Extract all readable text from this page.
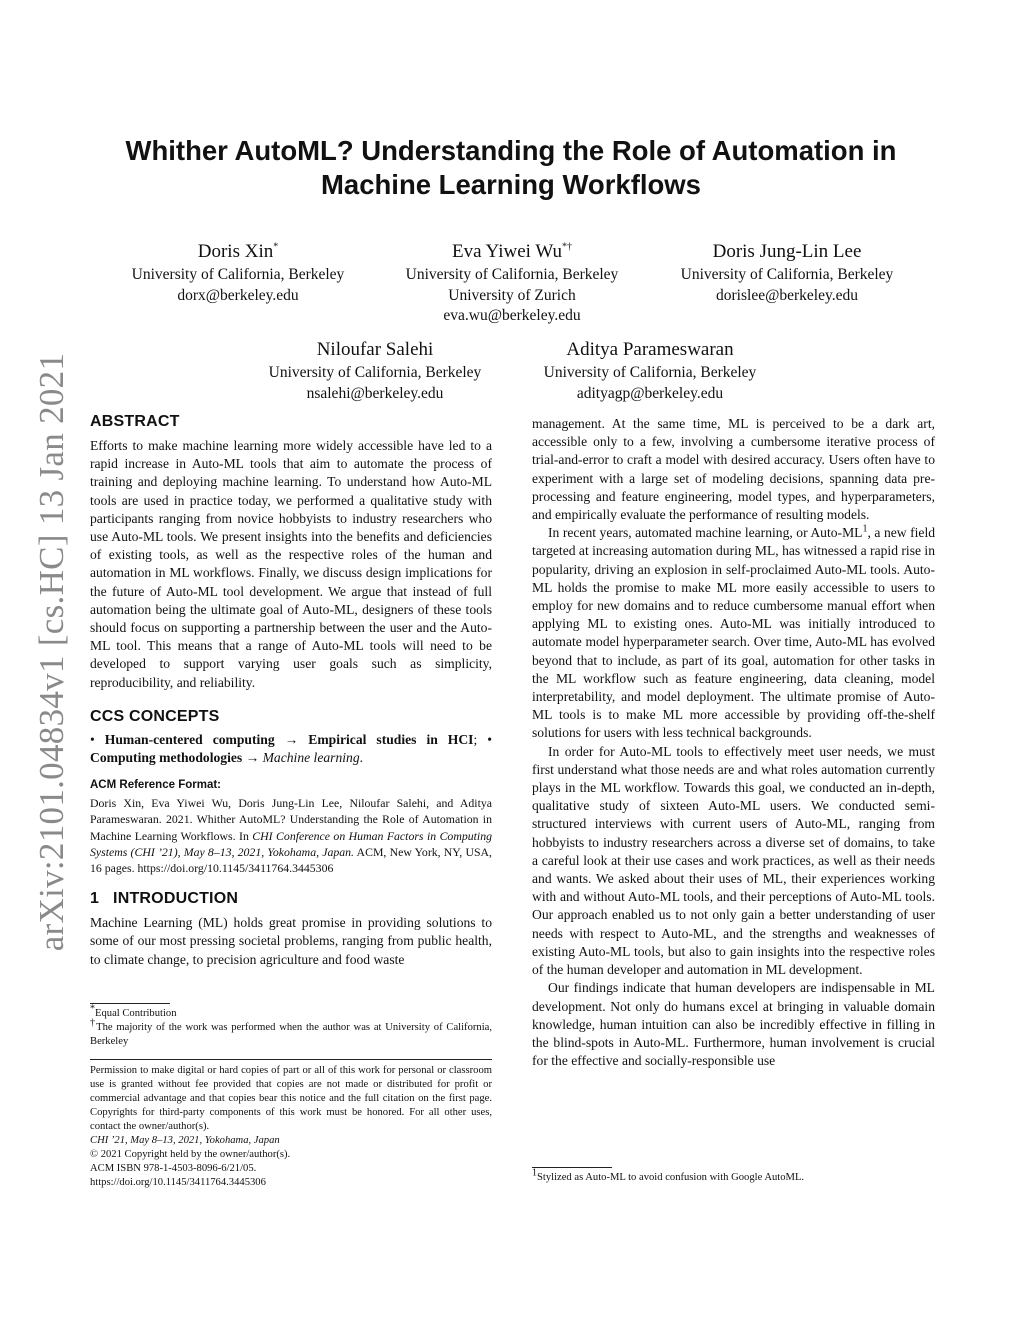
arXiv:2101.04834v1 [cs.HC] 13 Jan 2021
Whither AutoML? Understanding the Role of Automation in
Machine Learning Workflows
Doris Xin*
University of California, Berkeley
dorx@berkeley.edu
Eva Yiwei Wu*†
University of California, Berkeley
University of Zurich
eva.wu@berkeley.edu
Doris Jung-Lin Lee
University of California, Berkeley
dorislee@berkeley.edu
Niloufar Salehi
University of California, Berkeley
nsalehi@berkeley.edu
Aditya Parameswaran
University of California, Berkeley
adityagp@berkeley.edu
ABSTRACT

Efforts to make machine learning more widely accessible have led to a rapid increase in Auto-ML tools that aim to automate the process of training and deploying machine learning. To understand how Auto-ML tools are used in practice today, we performed a qualitative study with participants ranging from novice hobbyists to industry researchers who use Auto-ML tools. We present insights into the benefits and deficiencies of existing tools, as well as the respective roles of the human and automation in ML workflows. Finally, we discuss design implications for the future of Auto-ML tool development. We argue that instead of full automation being the ultimate goal of Auto-ML, designers of these tools should focus on supporting a partnership between the user and the Auto-ML tool. This means that a range of Auto-ML tools will need to be developed to support varying user goals such as simplicity, reproducibility, and reliability.

CCS CONCEPTS

• Human-centered computing → Empirical studies in HCI; • Computing methodologies → Machine learning.

ACM Reference Format:

Doris Xin, Eva Yiwei Wu, Doris Jung-Lin Lee, Niloufar Salehi, and Aditya Parameswaran. 2021. Whither AutoML? Understanding the Role of Automation in Machine Learning Workflows. In CHI Conference on Human Factors in Computing Systems (CHI ’21), May 8–13, 2021, Yokohama, Japan. ACM, New York, NY, USA, 16 pages. https://doi.org/10.1145/3411764.3445306

1 INTRODUCTION

Machine Learning (ML) holds great promise in providing solutions to some of our most pressing societal problems, ranging from public health, to climate change, to precision agriculture and food waste

*Equal Contribution

†The majority of the work was performed when the author was at University of California, Berkeley

Permission to make digital or hard copies of part or all of this work for personal or classroom use is granted without fee provided that copies are not made or distributed for profit or commercial advantage and that copies bear this notice and the full citation on the first page. Copyrights for third-party components of this work must be honored. For all other uses, contact the owner/author(s).

CHI ’21, May 8–13, 2021, Yokohama, Japan

© 2021 Copyright held by the owner/author(s).

ACM ISBN 978-1-4503-8096-6/21/05.

https://doi.org/10.1145/3411764.3445306

management. At the same time, ML is perceived to be a dark art, accessible only to a few, involving a cumbersome iterative process of trial-and-error to craft a model with desired accuracy. Users often have to experiment with a large set of modeling decisions, spanning data pre-processing and feature engineering, model types, and hyperparameters, and empirically evaluate the performance of resulting models.

In recent years, automated machine learning, or Auto-$ML^1$, a new field targeted at increasing automation during ML, has witnessed a rapid rise in popularity, driving an explosion in self-proclaimed Auto-ML tools. Auto-ML holds the promise to make ML more easily accessible to users to employ for new domains and to reduce cumbersome manual effort when applying ML to existing ones. Auto-ML was initially introduced to automate model hyperparameter search. Over time, Auto-ML has evolved beyond that to include, as part of its goal, automation for other tasks in the ML workflow such as feature engineering, data cleaning, model interpretability, and model deployment. The ultimate promise of Auto-ML tools is to make ML more accessible by providing off-the-shelf solutions for users with less technical backgrounds.

In order for Auto-ML tools to effectively meet user needs, we must first understand what those needs are and what roles automation currently plays in the ML workflow. Towards this goal, we conducted an in-depth, qualitative study of sixteen Auto-ML users. We conducted semi-structured interviews with current users of Auto-ML, ranging from hobbyists to industry researchers across a diverse set of domains, to take a careful look at their use cases and work practices, as well as their needs and wants. We asked about their uses of ML, their experiences working with and without Auto-ML tools, and their perceptions of Auto-ML tools. Our approach enabled us to not only gain a better understanding of user needs with respect to Auto-ML, and the strengths and weaknesses of existing Auto-ML tools, but also to gain insights into the respective roles of the human developer and automation in ML development.

Our findings indicate that human developers are indispensable in ML development. Not only do humans excel at bringing in valuable domain knowledge, human intuition can also be incredibly effective in filling in the blind-spots in Auto-ML. Furthermore, human involvement is crucial for the effective and socially-responsible use

$^1$Stylized as Auto-ML to avoid confusion with Google AutoML.
